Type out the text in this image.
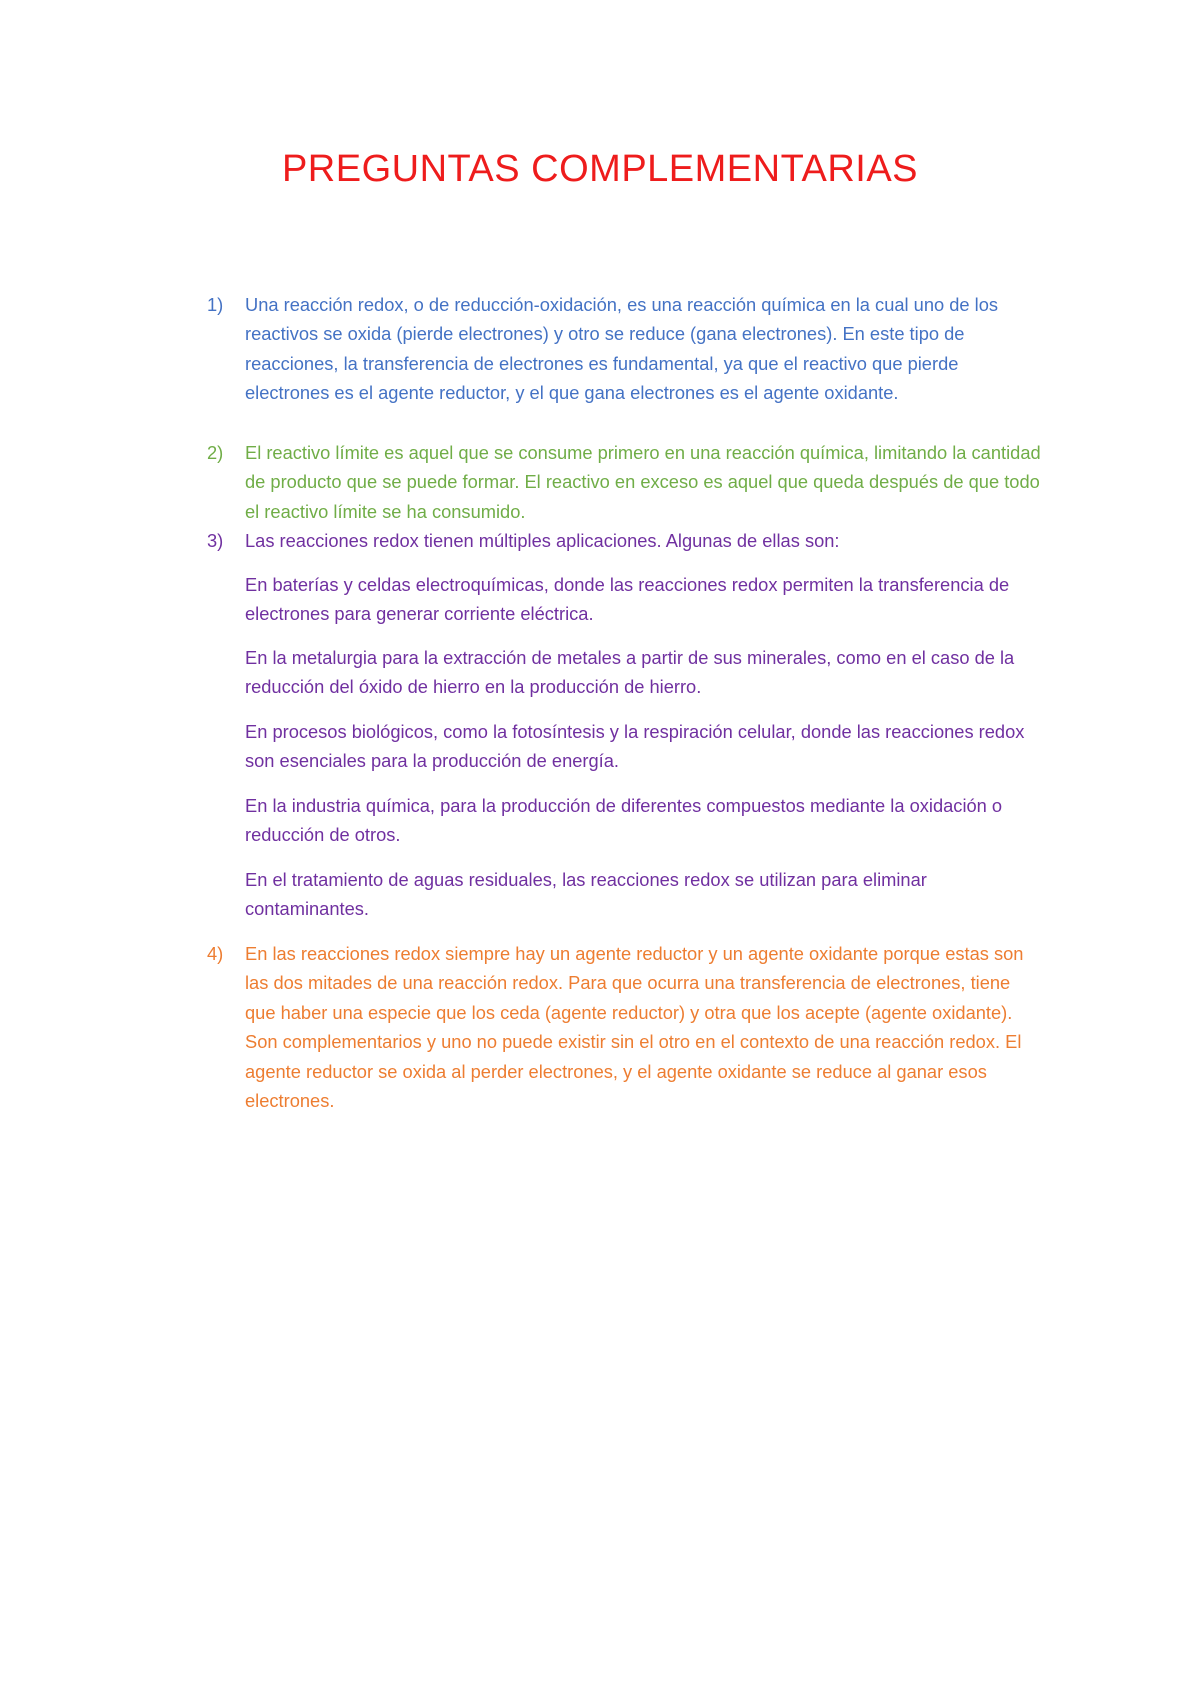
PREGUNTAS COMPLEMENTARIAS
1)	Una reacción redox, o de reducción-oxidación, es una reacción química en la cual uno de los reactivos se oxida (pierde electrones) y otro se reduce (gana electrones). En este tipo de reacciones, la transferencia de electrones es fundamental, ya que el reactivo que pierde electrones es el agente reductor, y el que gana electrones es el agente oxidante.
2)	El reactivo límite es aquel que se consume primero en una reacción química, limitando la cantidad de producto que se puede formar. El reactivo en exceso es aquel que queda después de que todo el reactivo límite se ha consumido.
3)	Las reacciones redox tienen múltiples aplicaciones. Algunas de ellas son:
En baterías y celdas electroquímicas, donde las reacciones redox permiten la transferencia de electrones para generar corriente eléctrica.
En la metalurgia para la extracción de metales a partir de sus minerales, como en el caso de la reducción del óxido de hierro en la producción de hierro.
En procesos biológicos, como la fotosíntesis y la respiración celular, donde las reacciones redox son esenciales para la producción de energía.
En la industria química, para la producción de diferentes compuestos mediante la oxidación o reducción de otros.
En el tratamiento de aguas residuales, las reacciones redox se utilizan para eliminar contaminantes.
4)	En las reacciones redox siempre hay un agente reductor y un agente oxidante porque estas son las dos mitades de una reacción redox. Para que ocurra una transferencia de electrones, tiene que haber una especie que los ceda (agente reductor) y otra que los acepte (agente oxidante). Son complementarios y uno no puede existir sin el otro en el contexto de una reacción redox. El agente reductor se oxida al perder electrones, y el agente oxidante se reduce al ganar esos electrones.
